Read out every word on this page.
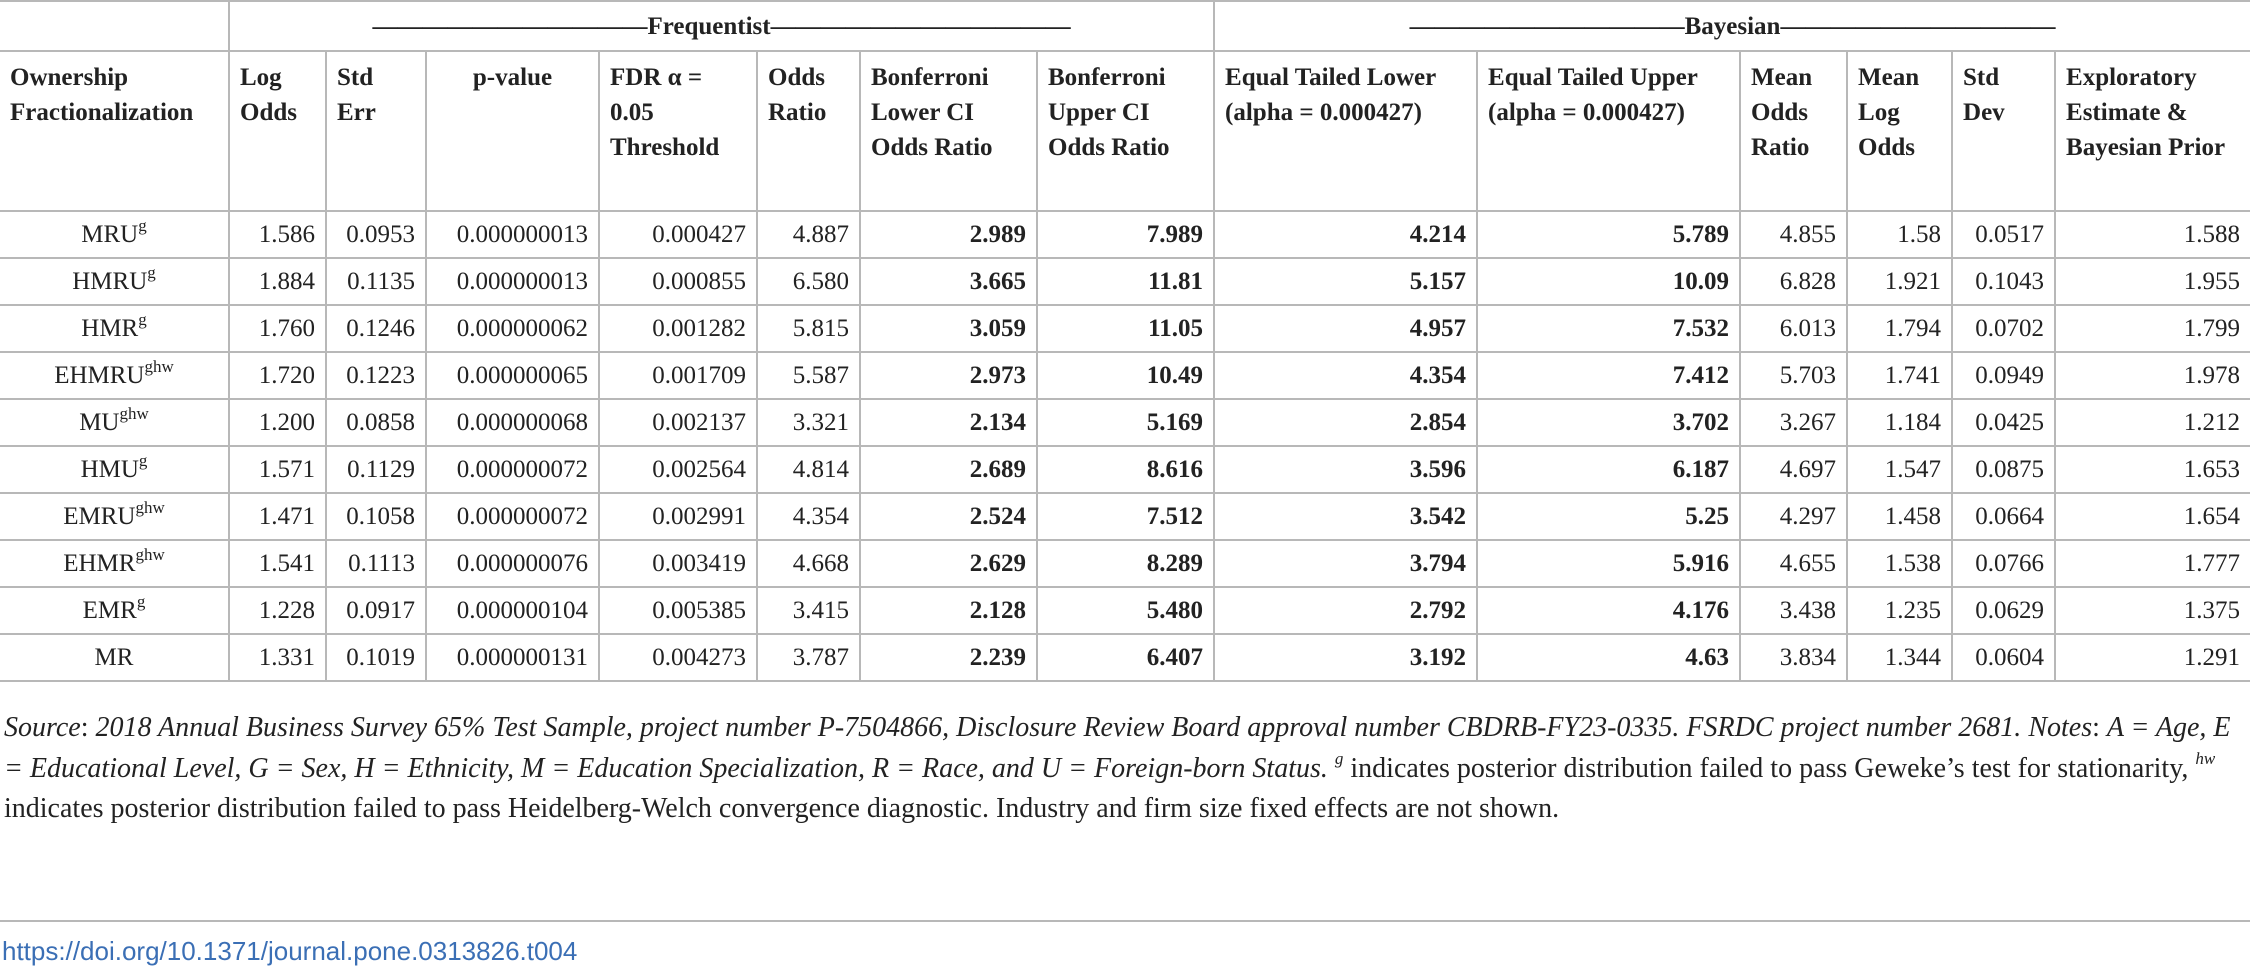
	———————————Frequentist————————————							———————————Bayesian———————————					
Ownership Fractionalization	Log Odds	Std Err	p-value	FDR α = 0.05 Threshold	Odds Ratio	Bonferroni Lower CI Odds Ratio	Bonferroni Upper CI Odds Ratio	Equal Tailed Lower (alpha = 0.000427)	Equal Tailed Upper (alpha = 0.000427)	Mean Odds Ratio	Mean Log Odds	Std Dev	Exploratory Estimate & Bayesian Prior
MRU$^g$	1.586	0.0953	0.000000013	0.000427	4.887	2.989	7.989	4.214	5.789	4.855	1.58	0.0517	1.588
HMRU$^g$	1.884	0.1135	0.000000013	0.000855	6.580	3.665	11.81	5.157	10.09	6.828	1.921	0.1043	1.955
HMR$^g$	1.760	0.1246	0.000000062	0.001282	5.815	3.059	11.05	4.957	7.532	6.013	1.794	0.0702	1.799
$EHMRU^{ghw}$	1.720	0.1223	0.000000065	0.001709	5.587	2.973	10.49	4.354	7.412	5.703	1.741	0.0949	1.978
$MU^{ghw}$	1.200	0.0858	0.000000068	0.002137	3.321	2.134	5.169	2.854	3.702	3.267	1.184	0.0425	1.212
HMU$^g$	1.571	0.1129	0.000000072	0.002564	4.814	2.689	8.616	3.596	6.187	4.697	1.547	0.0875	1.653
$EMRU^{ghw}$	1.471	0.1058	0.000000072	0.002991	4.354	2.524	7.512	3.542	5.25	4.297	1.458	0.0664	1.654
$EHMR^{ghw}$	1.541	0.1113	0.000000076	0.003419	4.668	2.629	8.289	3.794	5.916	4.655	1.538	0.0766	1.777
EMR$^g$	1.228	0.0917	0.000000104	0.005385	3.415	2.128	5.480	2.792	4.176	3.438	1.235	0.0629	1.375
MR	1.331	0.1019	0.000000131	0.004273	3.787	2.239	6.407	3.192	4.63	3.834	1.344	0.0604	1.291
Source: 2018 Annual Business Survey 65% Test Sample, project number P-7504866, Disclosure Review Board approval number CBDRB-FY23-0335. FSRDC project number 2681. Notes: A = Age, E = Educational Level, G = Sex, H = Ethnicity, M = Education Specialization, R = Race, and U = Foreign-born Status. $^g$ indicates posterior distribution failed to pass Geweke’s test for stationarity, $^{hw}$ indicates posterior distribution failed to pass Heidelberg-Welch convergence diagnostic. Industry and firm size fixed effects are not shown.
https://doi.org/10.1371/journal.pone.0313826.t004
